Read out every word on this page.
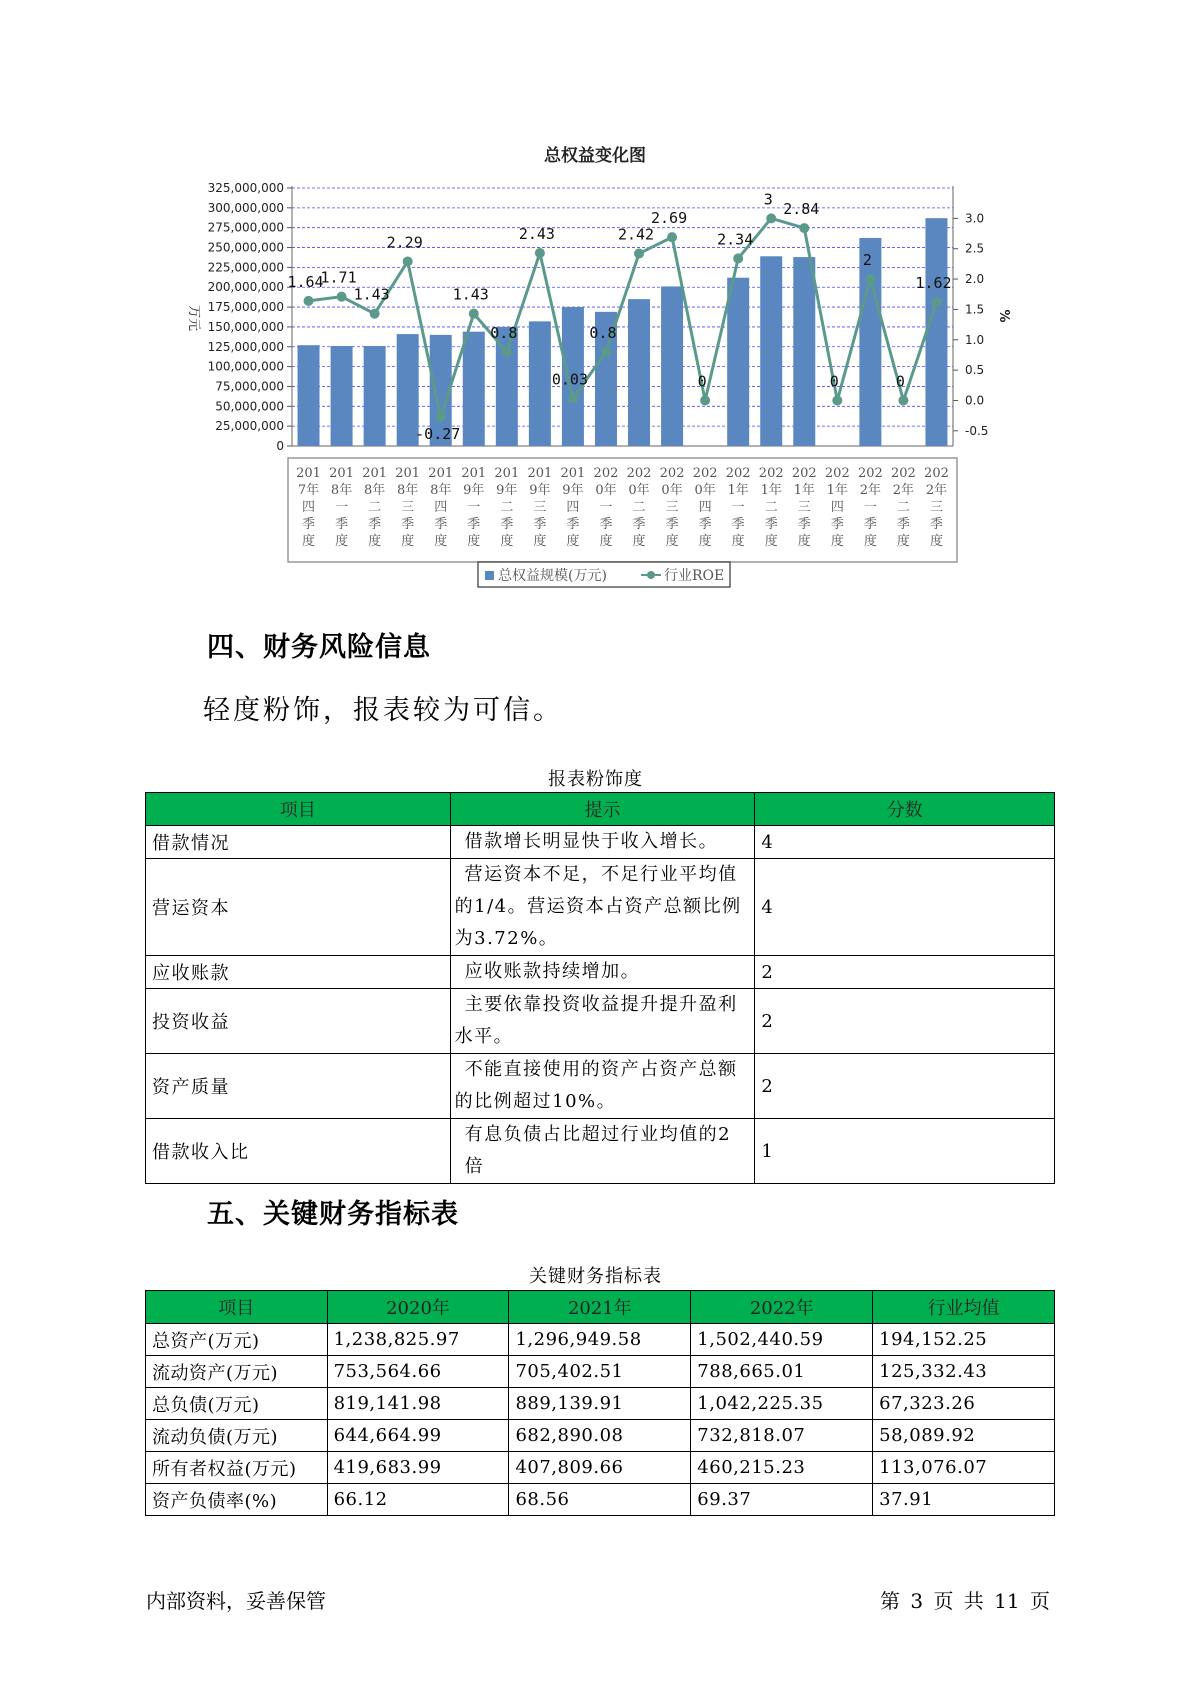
总权益变化图
0
25,000,000
50,000,000
75,000,000
100,000,000
125,000,000
150,000,000
175,000,000
200,000,000
225,000,000
250,000,000
275,000,000
300,000,000
325,000,000
-0.5
0.0
0.5
1.0
1.5
2.0
2.5
3.0
万元	%
1.64
1.71
1.43
2.29
-0.27
1.43
0.8
2.43
0.03
0.8
2.42
2.69
0
2.34
3
2.84
0
2
0
1.62
201
7年
四
季
度
201
8年
一
季
度
201
8年
二
季
度
201
8年
三
季
度
201
8年
四
季
度
201
9年
一
季
度
201
9年
二
季
度
201
9年
三
季
度
201
9年
四
季
度
202
0年
一
季
度
202
0年
二
季
度
202
0年
三
季
度
202
0年
四
季
度
202
1年
一
季
度
202
1年
二
季
度
202
1年
三
季
度
202
1年
四
季
度
202
2年
一
季
度
202
2年
二
季
度
202
2年
三
季
度
总权益规模(万元)	行业ROE
四、财务风险信息
轻度粉饰，报表较为可信。
报表粉饰度
项目	提示	分数
借款情况	借款增长明显快于收入增长。	4
营运资本	营运资本不足，不足行业平均值
的1/4。营运资本占资产总额比例
为3.72%。	4
应收账款	应收账款持续增加。	2
投资收益	主要依靠投资收益提升提升盈利
水平。	2
资产质量	不能直接使用的资产占资产总额
的比例超过10%。	2
借款收入比	有息负债占比超过行业均值的2倍	1
五、关键财务指标表
关键财务指标表
项目	2020年	2021年	2022年	行业均值
总资产(万元)	1,238,825.97	1,296,949.58	1,502,440.59	194,152.25
流动资产(万元)	753,564.66	705,402.51	788,665.01	125,332.43
总负债(万元)	819,141.98	889,139.91	1,042,225.35	67,323.26
流动负债(万元)	644,664.99	682,890.08	732,818.07	58,089.92
所有者权益(万元)	419,683.99	407,809.66	460,215.23	113,076.07
资产负债率(%)	66.12	68.56	69.37	37.91
内部资料，妥善保管	第 3 页 共 11 页
